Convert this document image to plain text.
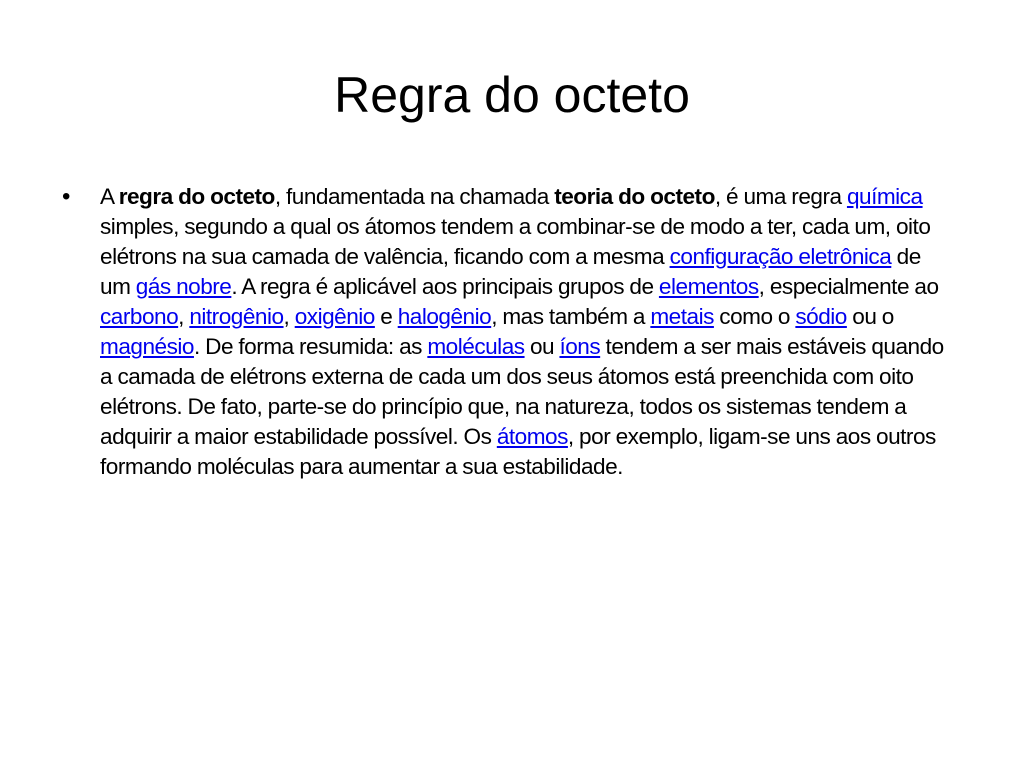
Regra do octeto
•	A regra do octeto, fundamentada na chamada teoria do octeto, é uma regra química simples, segundo a qual os átomos tendem a combinar-se de modo a ter, cada um, oito elétrons na sua camada de valência, ficando com a mesma configuração eletrônica de um gás nobre. A regra é aplicável aos principais grupos de elementos, especialmente ao carbono, nitrogênio, oxigênio e halogênio, mas também a metais como o sódio ou o magnésio. De forma resumida: as moléculas ou íons tendem a ser mais estáveis quando a camada de elétrons externa de cada um dos seus átomos está preenchida com oito elétrons. De fato, parte-se do princípio que, na natureza, todos os sistemas tendem a adquirir a maior estabilidade possível. Os átomos, por exemplo, ligam-se uns aos outros formando moléculas para aumentar a sua estabilidade.
